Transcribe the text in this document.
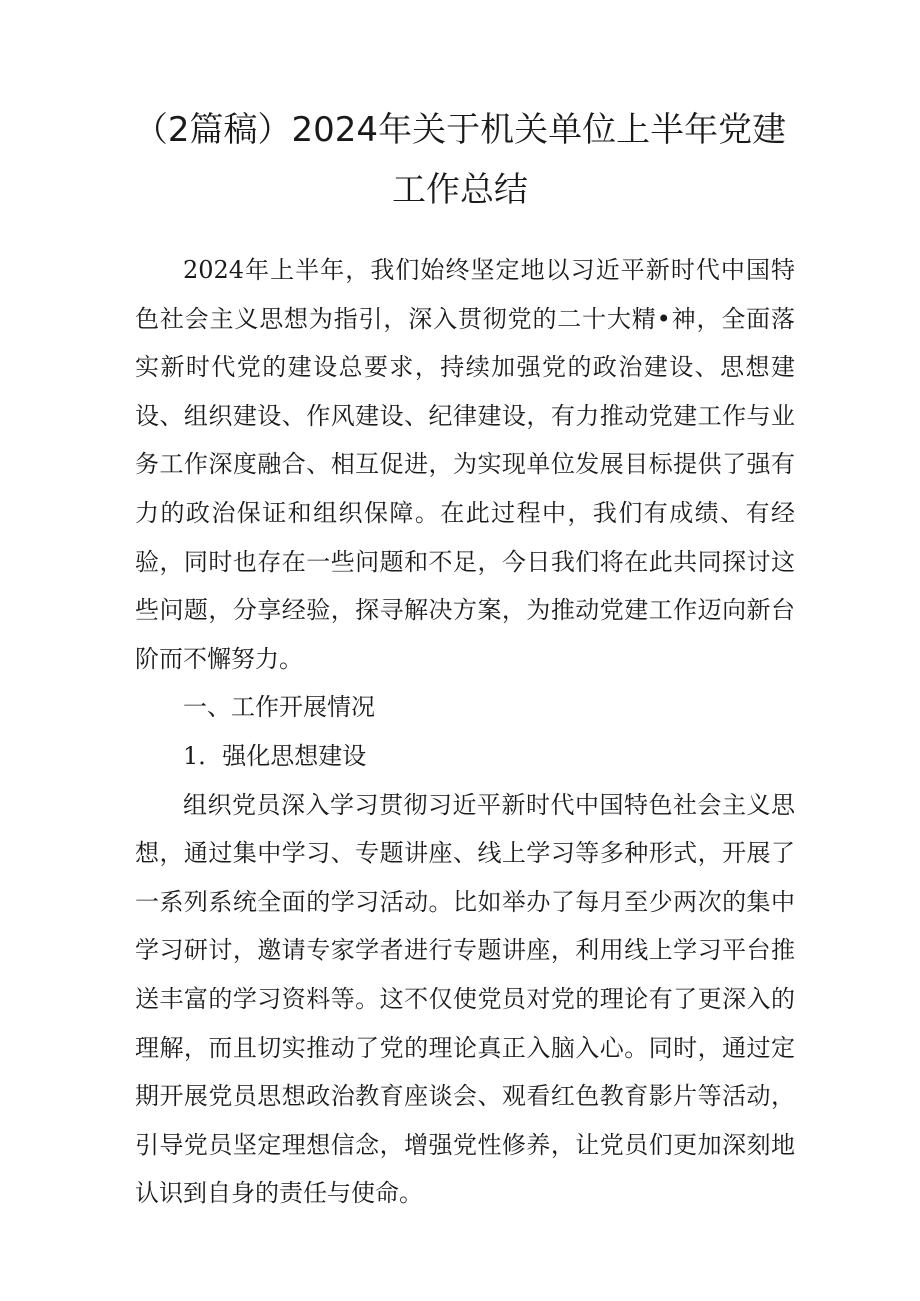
（2篇稿）2024年关于机关单位上半年党建
工作总结

2024年上半年，我们始终坚定地以习近平新时代中国特色社会主义思想为指引，深入贯彻党的二十大精•神，全面落实新时代党的建设总要求，持续加强党的政治建设、思想建设、组织建设、作风建设、纪律建设，有力推动党建工作与业务工作深度融合、相互促进，为实现单位发展目标提供了强有力的政治保证和组织保障。在此过程中，我们有成绩、有经验，同时也存在一些问题和不足，今日我们将在此共同探讨这些问题，分享经验，探寻解决方案，为推动党建工作迈向新台阶而不懈努力。

一、工作开展情况

1．强化思想建设

组织党员深入学习贯彻习近平新时代中国特色社会主义思想，通过集中学习、专题讲座、线上学习等多种形式，开展了一系列系统全面的学习活动。比如举办了每月至少两次的集中学习研讨，邀请专家学者进行专题讲座，利用线上学习平台推送丰富的学习资料等。这不仅使党员对党的理论有了更深入的理解，而且切实推动了党的理论真正入脑入心。同时，通过定期开展党员思想政治教育座谈会、观看红色教育影片等活动，引导党员坚定理想信念，增强党性修养，让党员们更加深刻地认识到自身的责任与使命。
